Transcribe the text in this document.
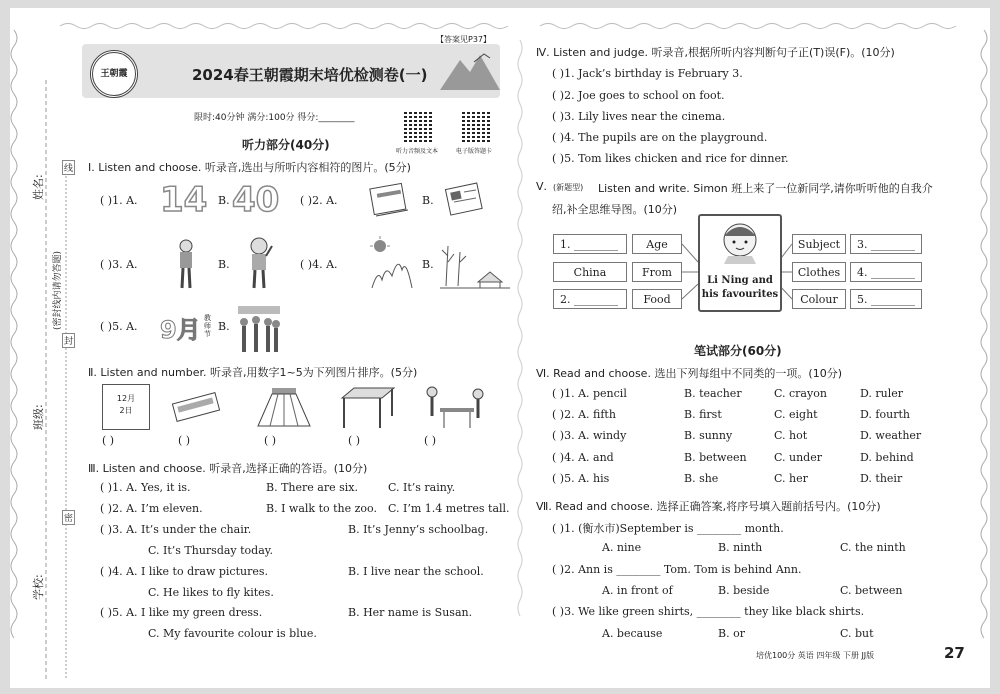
姓名:
(密封线内请勿答题)
班级:
学校:
线
封
密
【答案见P37】
王朝霞	2024春王朝霞期末培优检测卷(一)
限时:40分钟 满分:100分 得分:________
听力音频及文本	电子版答题卡
听力部分(40分)
Ⅰ. Listen and choose. 听录音,选出与所听内容相符的图片。(5分)
( )1. A. 14 B. 40 ( )2. A.	B.
( )3. A.	B.	( )4. A.	B.
( )5. A. 9月 B.
教师节
Ⅱ. Listen and number. 听录音,用数字1~5为下列图片排序。(5分)
12月
2日
( )	( )	( )	( )	( )
Ⅲ. Listen and choose. 听录音,选择正确的答语。(10分)
( )1. A. Yes, it is.	B. There are six.	C. It’s rainy.
( )2. A. I’m eleven.	B. I walk to the zoo. C. I’m 1.4 metres tall.
( )3. A. It’s under the chair.	B. It’s Jenny’s schoolbag.
C. It’s Thursday today.
( )4. A. I like to draw pictures.	B. I live near the school.
C. He likes to fly kites.
( )5. A. I like my green dress.	B. Her name is Susan.
C. My favourite colour is blue.
Ⅳ. Listen and judge. 听录音,根据所听内容判断句子正(T)误(F)。(10分)
( )1. Jack’s birthday is February 3.
( )2. Joe goes to school on foot.
( )3. Lily lives near the cinema.
( )4. The pupils are on the playground.
( )5. Tom likes chicken and rice for dinner.
Ⅴ. (新题型) Listen and write. Simon 班上来了一位新同学,请你听听他的自我介
绍,补全思维导图。(10分)
1. ________
China
2. ________
Age
From
Food
Li Ning and
his favourites
Subject
Clothes
Colour
3. ________
4. ________
5. ________
笔试部分(60分)
Ⅵ. Read and choose. 选出下列每组中不同类的一项。(10分)
( )1. A. pencil	B. teacher	C. crayon	D. ruler
( )2. A. fifth	B. first	C. eight	D. fourth
( )3. A. windy	B. sunny	C. hot	D. weather
( )4. A. and	B. between C. under	D. behind
( )5. A. his	B. she	C. her	D. their
Ⅶ. Read and choose. 选择正确答案,将序号填入题前括号内。(10分)
( )1. (衡水市)September is ________ month.
A. nine	B. ninth	C. the ninth
( )2. Ann is ________ Tom. Tom is behind Ann.
A. in front of	B. beside	C. between
( )3. We like green shirts, ________ they like black shirts.
A. because	B. or	C. but
培优100分 英语 四年级 下册 JJ版	27
